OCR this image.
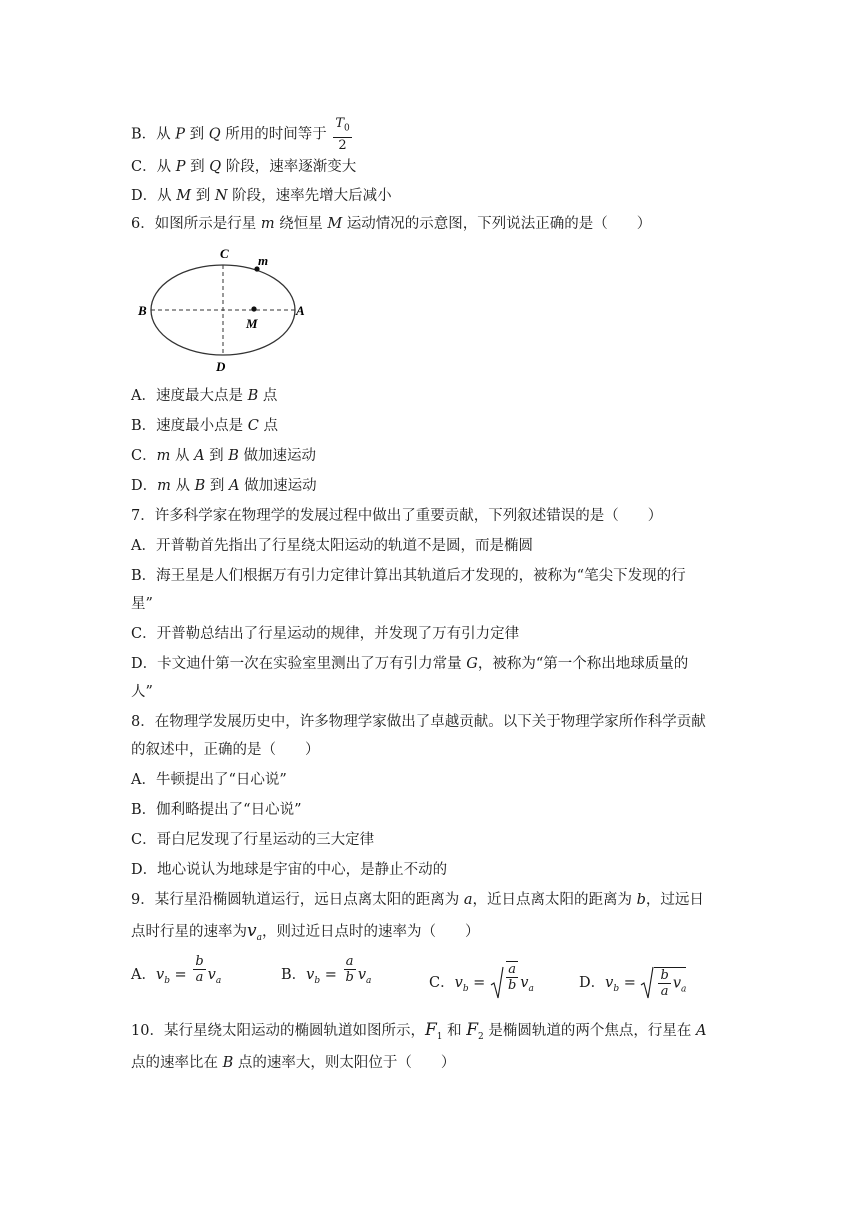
B．从 P 到 Q 所用的时间等于 $\frac{T_0}{2}$
C．从 P 到 Q 阶段，速率逐渐变大
D．从 M 到 N 阶段，速率先增大后减小
6．如图所示是行星 m 绕恒星 M 运动情况的示意图，下列说法正确的是（　　）
C m
B	A
M
D
A．速度最大点是 B 点
B．速度最小点是 C 点
C．m 从 A 到 B 做加速运动
D．m 从 B 到 A 做加速运动
7．许多科学家在物理学的发展过程中做出了重要贡献，下列叙述错误的是（　　）
A．开普勒首先指出了行星绕太阳运动的轨道不是圆，而是椭圆
B．海王星是人们根据万有引力定律计算出其轨道后才发现的，被称为“笔尖下发现的行
星”
C．开普勒总结出了行星运动的规律，并发现了万有引力定律
D．卡文迪什第一次在实验室里测出了万有引力常量 G，被称为“第一个称出地球质量的
人”
8．在物理学发展历史中，许多物理学家做出了卓越贡献。以下关于物理学家所作科学贡献
的叙述中，正确的是（　　）
A．牛顿提出了“日心说”
B．伽利略提出了“日心说”
C．哥白尼发现了行星运动的三大定律
D．地心说认为地球是宇宙的中心，是静止不动的
9．某行星沿椭圆轨道运行，远日点离太阳的距离为 a，近日点离太阳的距离为 b，过远日
点时行星的速率为$v_a$，则过近日点时的速率为（　　）
A．$v_b = \frac{b}{a} v_a$	B．$v_b = \frac{a}{b} v_a$	C．$v_b = \frac{a}{b} v_a$	D．$v_b = \frac{b}{a} v_a$
10．某行星绕太阳运动的椭圆轨道如图所示，$F_1$ 和 $F_2$ 是椭圆轨道的两个焦点，行星在 A
点的速率比在 B 点的速率大，则太阳位于（　　）
